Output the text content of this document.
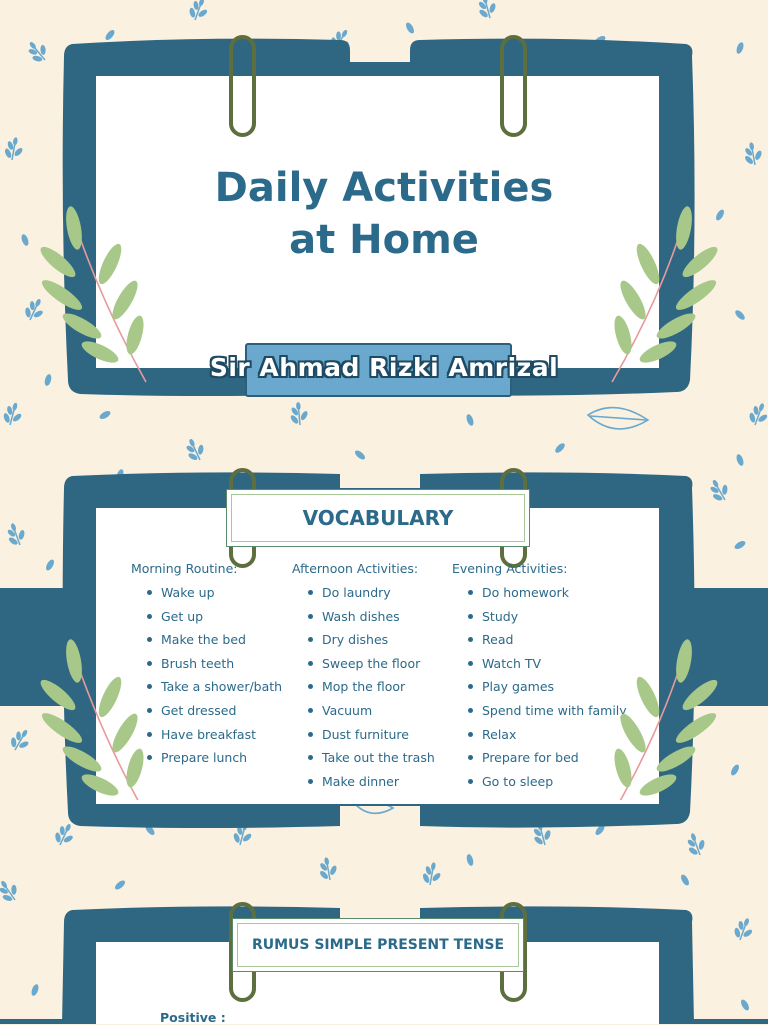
Daily Activities
at Home
Sir Ahmad Rizki Amrizal
VOCABULARY
Morning Routine:
Wake up
Get up
Make the bed
Brush teeth
Take a shower/bath
Get dressed
Have breakfast
Prepare lunch
Afternoon Activities:
Do laundry
Wash dishes
Dry dishes
Sweep the floor
Mop the floor
Vacuum
Dust furniture
Take out the trash
Make dinner
Evening Activities:
Do homework
Study
Read
Watch TV
Play games
Spend time with family
Relax
Prepare for bed
Go to sleep
RUMUS SIMPLE PRESENT TENSE
Positive :
